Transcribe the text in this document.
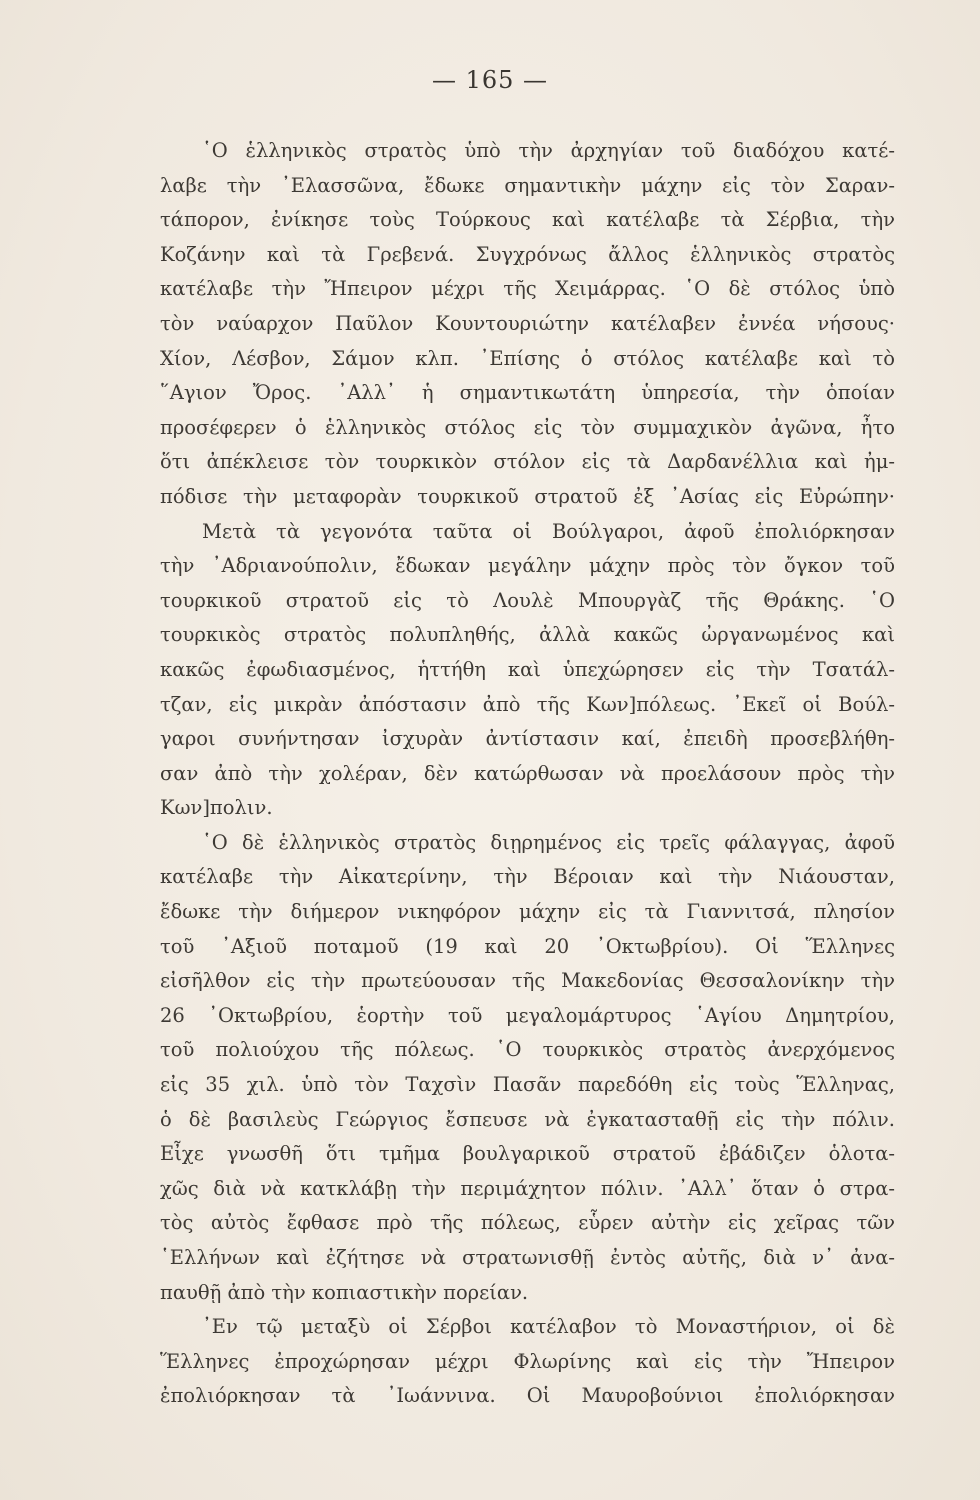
— 165 —
῾Ο ἑλληνικὸς στρατὸς ὑπὸ τὴν ἀρχηγίαν τοῦ διαδόχου κατέ-
λαβε τὴν ᾿Ελασσῶνα, ἔδωκε σημαντικὴν μάχην εἰς τὸν Σαραν-
τάπορον, ἐνίκησε τοὺς Τούρκους καὶ κατέλαβε τὰ Σέρβια, τὴν
Κοζάνην καὶ τὰ Γρεβενά. Συγχρόνως ἄλλος ἑλληνικὸς στρατὸς
κατέλαβε τὴν Ἤπειρον μέχρι τῆς Χειμάρρας. ῾Ο δὲ στόλος ὑπὸ
τὸν ναύαρχον Παῦλον Κουντουριώτην κατέλαβεν ἐννέα νήσους·
Χίον, Λέσβον, Σάμον κλπ. ᾿Επίσης ὁ στόλος κατέλαβε καὶ τὸ
῞Αγιον Ὄρος. ᾿Αλλ᾿ ἡ σημαντικωτάτη ὑπηρεσία, τὴν ὁποίαν
προσέφερεν ὁ ἑλληνικὸς στόλος εἰς τὸν συμμαχικὸν ἀγῶνα, ἦτο
ὅτι ἀπέκλεισε τὸν τουρκικὸν στόλον εἰς τὰ Δαρδανέλλια καὶ ἠμ-
πόδισε τὴν μεταφορὰν τουρκικοῦ στρατοῦ ἐξ ᾿Ασίας εἰς Εὐρώπην·
Μετὰ τὰ γεγονότα ταῦτα οἱ Βούλγαροι, ἀφοῦ ἐπολιόρκησαν
τὴν ᾿Αδριανούπολιν, ἔδωκαν μεγάλην μάχην πρὸς τὸν ὄγκον τοῦ
τουρκικοῦ στρατοῦ εἰς τὸ Λουλὲ Μπουργὰζ τῆς Θράκης. ῾Ο
τουρκικὸς στρατὸς πολυπληθής, ἀλλὰ κακῶς ὠργανωμένος καὶ
κακῶς ἐφωδιασμένος, ἡττήθη καὶ ὑπεχώρησεν εἰς τὴν Τσατάλ-
τζαν, εἰς μικρὰν ἀπόστασιν ἀπὸ τῆς Κων]πόλεως. ᾿Εκεῖ οἱ Βούλ-
γαροι συνήντησαν ἰσχυρὰν ἀντίστασιν καί, ἐπειδὴ προσεβλήθη-
σαν ἀπὸ τὴν χολέραν, δὲν κατώρθωσαν νὰ προελάσουν πρὸς τὴν
Κων]πολιν.
῾Ο δὲ ἑλληνικὸς στρατὸς διῃρημένος εἰς τρεῖς φάλαγγας, ἀφοῦ
κατέλαβε τὴν Αἰκατερίνην, τὴν Βέροιαν καὶ τὴν Νιάουσταν,
ἔδωκε τὴν διήμερον νικηφόρον μάχην εἰς τὰ Γιαννιτσά, πλησίον
τοῦ ᾿Αξιοῦ ποταμοῦ (19 καὶ 20 ᾿Οκτωβρίου). Οἱ Ἕλληνες
εἰσῆλθον εἰς τὴν πρωτεύουσαν τῆς Μακεδονίας Θεσσαλονίκην τὴν
26 ᾿Οκτωβρίου, ἑορτὴν τοῦ μεγαλομάρτυρος ῾Αγίου Δημητρίου,
τοῦ πολιούχου τῆς πόλεως. ῾Ο τουρκικὸς στρατὸς ἀνερχόμενος
εἰς 35 χιλ. ὑπὸ τὸν Ταχσὶν Πασᾶν παρεδόθη εἰς τοὺς Ἕλληνας,
ὁ δὲ βασιλεὺς Γεώργιος ἔσπευσε νὰ ἐγκατασταθῇ εἰς τὴν πόλιν.
Εἶχε γνωσθῆ ὅτι τμῆμα βουλγαρικοῦ στρατοῦ ἐβάδιζεν ὁλοτα-
χῶς διὰ νὰ κατκλάβῃ τὴν περιμάχητον πόλιν. ᾿Αλλ᾿ ὅταν ὁ στρα-
τὸς αὐτὸς ἔφθασε πρὸ τῆς πόλεως, εὗρεν αὐτὴν εἰς χεῖρας τῶν
῾Ελλήνων καὶ ἐζήτησε νὰ στρατωνισθῇ ἐντὸς αὐτῆς, διὰ ν᾿ ἀνα-
παυθῇ ἀπὸ τὴν κοπιαστικὴν πορείαν.
᾿Εν τῷ μεταξὺ οἱ Σέρβοι κατέλαβον τὸ Μοναστήριον, οἱ δὲ
Ἕλληνες ἐπροχώρησαν μέχρι Φλωρίνης καὶ εἰς τὴν Ἤπειρον
ἐπολιόρκησαν τὰ ᾿Ιωάννινα. Οἱ Μαυροβούνιοι ἐπολιόρκησαν
